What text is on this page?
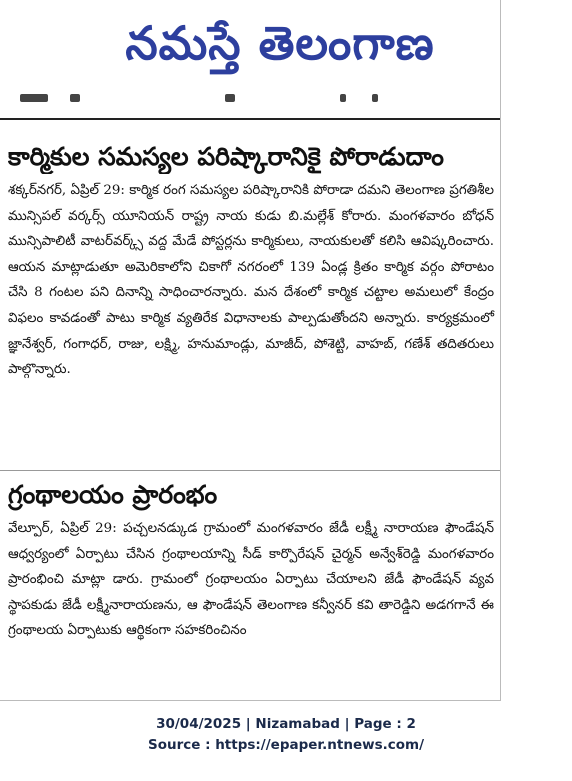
నమస్తే తెలంగాణ
కార్మికుల సమస్యల పరిష్కారానికై పోరాడుదాం

శక్కర్‌నగర్, ఏప్రిల్ 29: కార్మిక రంగ సమస్యల పరిష్కారానికి పోరాడా దమని తెలంగాణ ప్రగతిశీల మున్సిపల్ వర్కర్స్ యూనియన్ రాష్ట్ర నాయ కుడు బి.మల్లేశ్ కోరారు. మంగళవారం బోధన్ మున్సిపాలిటీ వాటర్‌వర్క్స్ వద్ద మేడే పోస్టర్లను కార్మికులు, నాయకులతో కలిసి ఆవిష్కరించారు. ఆయన మాట్లాడుతూ అమెరికాలోని చికాగో నగరంలో 139 ఏండ్ల క్రితం కార్మిక వర్గం పోరాటం చేసి 8 గంటల పని దినాన్ని సాధించారన్నారు. మన దేశంలో కార్మిక చట్టాల అమలులో కేంద్రం విఫలం కావడంతో పాటు కార్మిక వ్యతిరేక విధానాలకు పాల్పడుతోందని అన్నారు. కార్యక్రమంలో జ్ఞానేశ్వర్, గంగాధర్, రాజు, లక్ష్మి, హనుమాండ్లు, మాజీద్, పోశెట్టి, వాహబ్, గణేశ్ తదితరులు పాల్గొన్నారు.

గ్రంథాలయం ప్రారంభం

వేల్పూర్, ఏప్రిల్ 29: పచ్చలనడ్కుడ గ్రామంలో మంగళవారం జేడీ లక్ష్మీ నారాయణ ఫౌండేషన్ ఆధ్వర్యంలో ఏర్పాటు చేసిన గ్రంథాలయాన్ని సీడ్ కార్పొరేషన్ చైర్మన్ అన్వేశ్‌రెడ్డి మంగళవారం ప్రారంభించి మాట్లా డారు. గ్రామంలో గ్రంథాలయం ఏర్పాటు చేయాలని జేడీ ఫౌండేషన్ వ్యవ స్థాపకుడు జేడీ లక్ష్మీనారాయణను, ఆ ఫౌండేషన్ తెలంగాణ కన్వీనర్ కవి తారెడ్డిని అడగగానే ఈ గ్రంథాలయ ఏర్పాటుకు ఆర్థికంగా సహకరించినం

30/04/2025 | Nizamabad | Page : 2
Source : https://epaper.ntnews.com/
